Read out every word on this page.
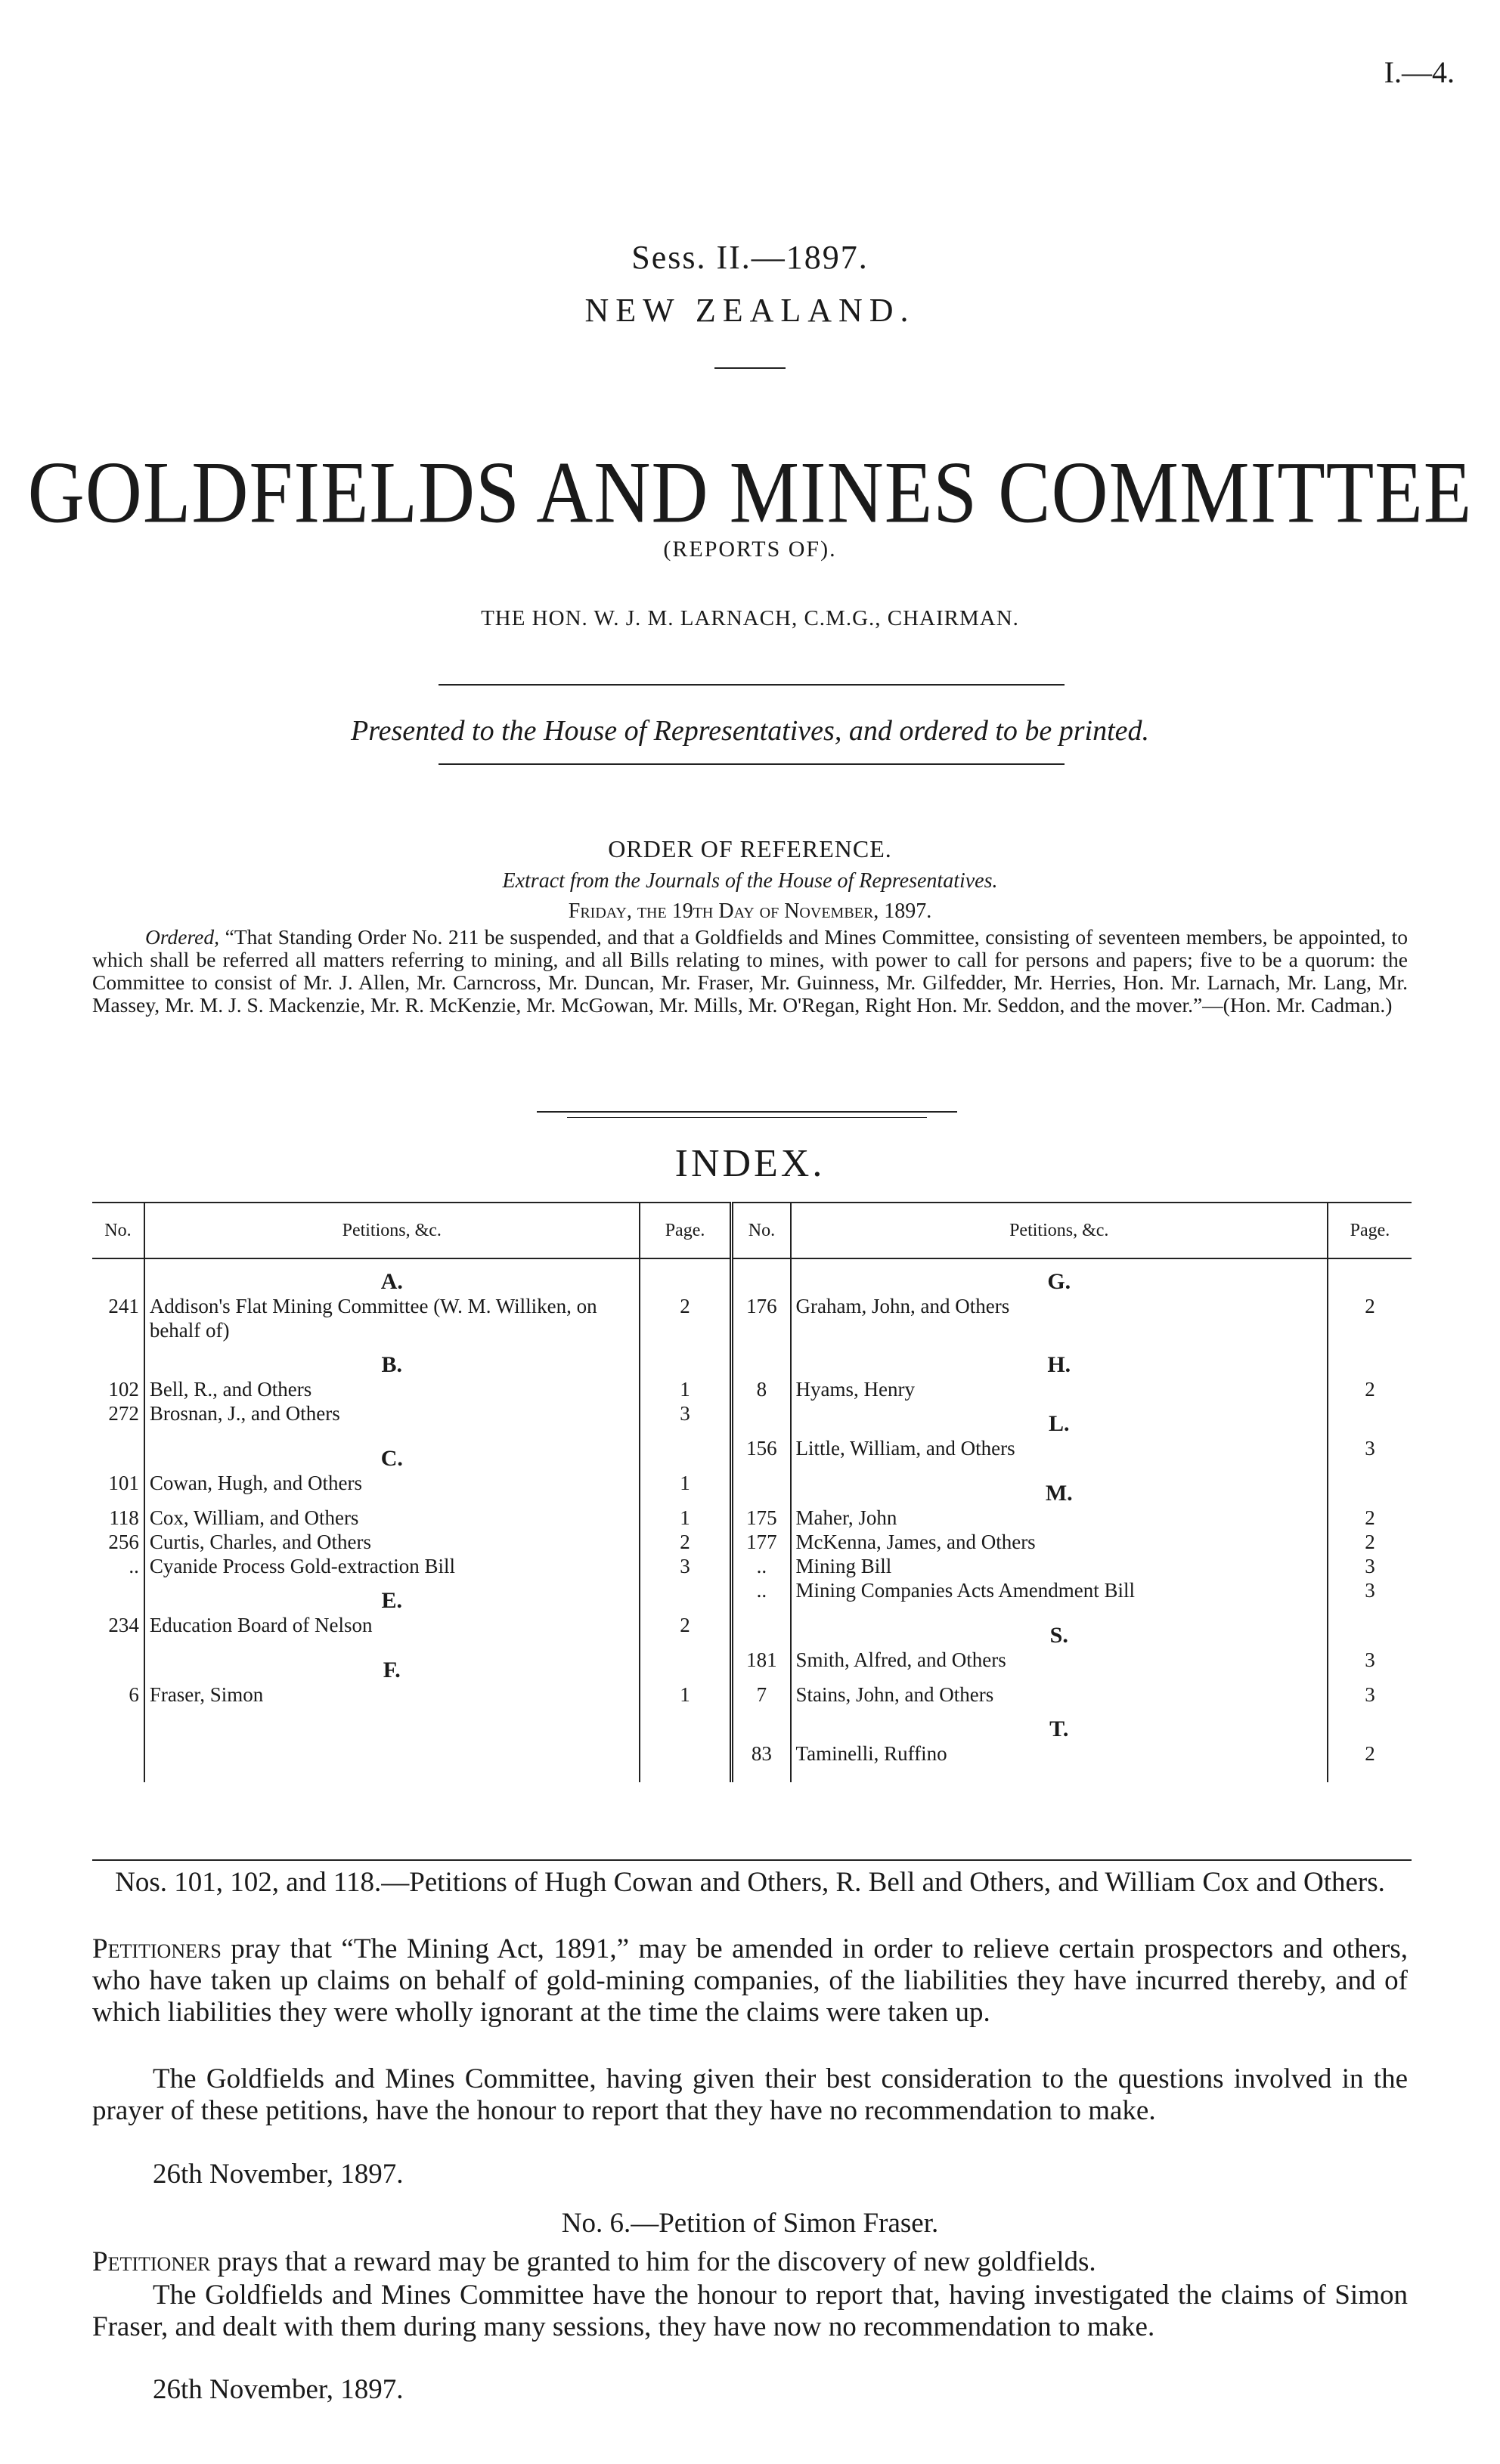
I.—4.
Sess. II.—1897.
NEW ZEALAND.
GOLDFIELDS AND MINES COMMITTEE
(REPORTS OF).
THE HON. W. J. M. LARNACH, C.M.G., CHAIRMAN.
Presented to the House of Representatives, and ordered to be printed.
ORDER OF REFERENCE.
Extract from the Journals of the House of Representatives.
Friday, the 19th Day of November, 1897.
Ordered, “That Standing Order No. 211 be suspended, and that a Goldfields and Mines Committee, consisting of seventeen members, be appointed, to which shall be referred all matters referring to mining, and all Bills relating to mines, with power to call for persons and papers; five to be a quorum: the Committee to consist of Mr. J. Allen, Mr. Carncross, Mr. Duncan, Mr. Fraser, Mr. Guinness, Mr. Gilfedder, Mr. Herries, Hon. Mr. Larnach, Mr. Lang, Mr. Massey, Mr. M. J. S. Mackenzie, Mr. R. McKenzie, Mr. McGowan, Mr. Mills, Mr. O'Regan, Right Hon. Mr. Seddon, and the mover.”—(Hon. Mr. Cadman.)
INDEX.
No.	Petitions, &c.	Page.	No.	Petitions, &c.	Page.
	A.			G.	
241	Addison's Flat Mining Committee (W. M. Williken, on behalf of)	2	176	Graham, John, and Others	2
	B.			H.	
102	Bell, R., and Others	1	8	Hyams, Henry	2
272	Brosnan, J., and Others	3		L.	
	C.		156	Little, William, and Others	3
101	Cowan, Hugh, and Others	1		M.	
118	Cox, William, and Others	1	175	Maher, John	2
256	Curtis, Charles, and Others	2	177	McKenna, James, and Others	2
..	Cyanide Process Gold-extraction Bill	3	..	Mining Bill	3
	E.		..	Mining Companies Acts Amendment Bill	3
234	Education Board of Nelson	2		S.	
	F.		181	Smith, Alfred, and Others	3
6	Fraser, Simon	1	7	Stains, John, and Others	3
				T.	
			83	Taminelli, Ruffino	2

Nos. 101, 102, and 118.—Petitions of Hugh Cowan and Others, R. Bell and Others, and William Cox and Others.
Petitioners pray that “The Mining Act, 1891,” may be amended in order to relieve certain prospectors and others, who have taken up claims on behalf of gold-mining companies, of the liabilities they have incurred thereby, and of which liabilities they were wholly ignorant at the time the claims were taken up.
The Goldfields and Mines Committee, having given their best consideration to the questions involved in the prayer of these petitions, have the honour to report that they have no recommendation to make.
26th November, 1897.
No. 6.—Petition of Simon Fraser.
Petitioner prays that a reward may be granted to him for the discovery of new goldfields.
The Goldfields and Mines Committee have the honour to report that, having investigated the claims of Simon Fraser, and dealt with them during many sessions, they have now no recommendation to make.
26th November, 1897.
